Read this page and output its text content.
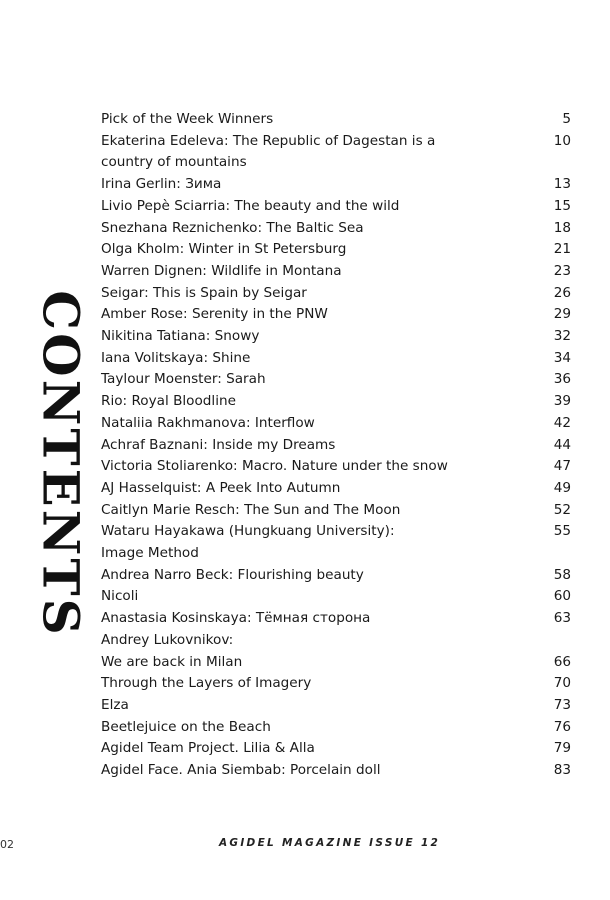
CONTENTS
Pick of the Week Winners	5
Ekaterina Edeleva: The Republic of Dagestan is a
country of mountains
10
Irina Gerlin: Зима	13
Livio Pepè Sciarria: The beauty and the wild	15
Snezhana Reznichenko: The Baltic Sea	18
Olga Kholm: Winter in St Petersburg	21
Warren Dignen: Wildlife in Montana	23
Seigar: This is Spain by Seigar	26
Amber Rose: Serenity in the PNW	29
Nikitina Tatiana: Snowy	32
Iana Volitskaya: Shine	34
Taylour Moenster: Sarah	36
Rio: Royal Bloodline	39
Nataliia Rakhmanova: Interflow	42
Achraf Baznani: Inside my Dreams	44
Victoria Stoliarenko: Macro. Nature under the snow	47
AJ Hasselquist: A Peek Into Autumn	49
Caitlyn Marie Resch: The Sun and The Moon	52
Wataru Hayakawa (Hungkuang University):
Image Method
55
Andrea Narro Beck: Flourishing beauty	58
Nicoli	60
Anastasia Kosinskaya: Тёмная сторона	63
Andrey Lukovnikov:
We are back in Milan	66
Through the Layers of Imagery	70
Elza	73
Beetlejuice on the Beach	76
Agidel Team Project. Lilia & Alla	79
Agidel Face. Ania Siembab: Porcelain doll	83
02	AGIDEL MAGAZINE ISSUE 12
